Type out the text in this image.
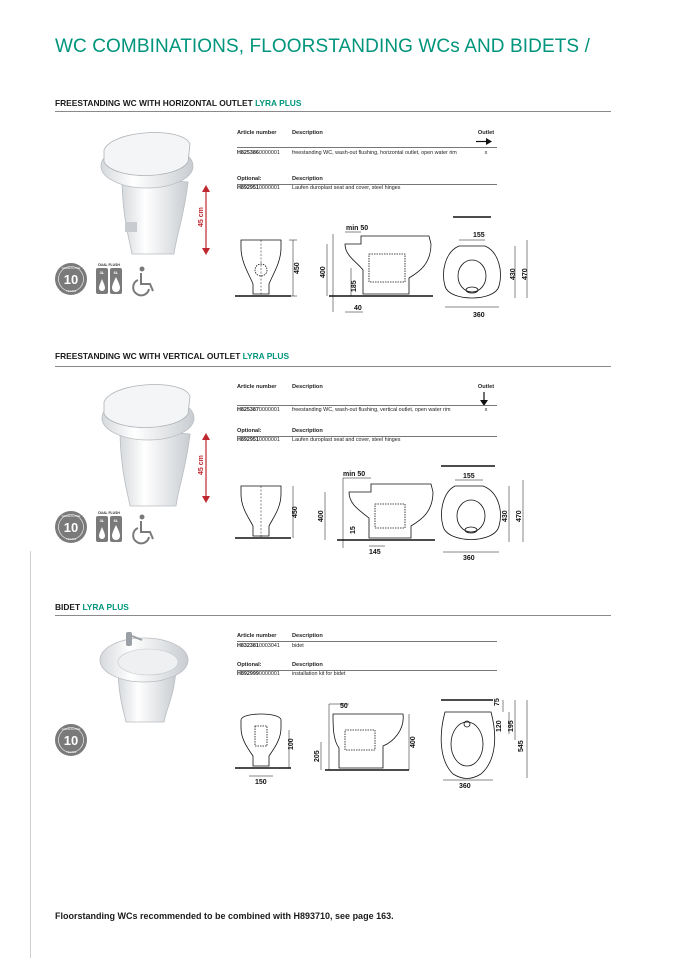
WC COMBINATIONS, FLOORSTANDING WCs AND BIDETS /
FREESTANDING WC WITH HORIZONTAL OUTLET LYRA PLUS
45 cm
10
GUARANTEE
YEARS
DUAL FLUSH
3L 6L
Article number	Description	Outlet
H8253860000001	freestanding WC, wash-out flushing, horizontal outlet, open water rim	x
Optional:	Description
H8929510000001	Laufen duroplast seat and cover, steel hinges
450
min 50
400
185
40
155
430 470
360
FREESTANDING WC WITH VERTICAL OUTLET LYRA PLUS
45 cm
10
GUARANTEE
YEARS
DUAL FLUSH
3L 6L
Article number	Description	Outlet
H8253870000001	freestanding WC, wash-out flushing, vertical outlet, open water rim	x
Optional:	Description
H8929510000001	Laufen duroplast seat and cover, steel hinges
450
min 50
400
15
145
155
430 470
360
BIDET LYRA PLUS
10
GUARANTEE
YEARS
Article number	Description
H8323810003041	bidet
Optional:	Description
H8929990000001	installation kit for bidet
100
150
50
205
400
75
120 195
545
360
Floorstanding WCs recommended to be combined with H893710, see page 163.
